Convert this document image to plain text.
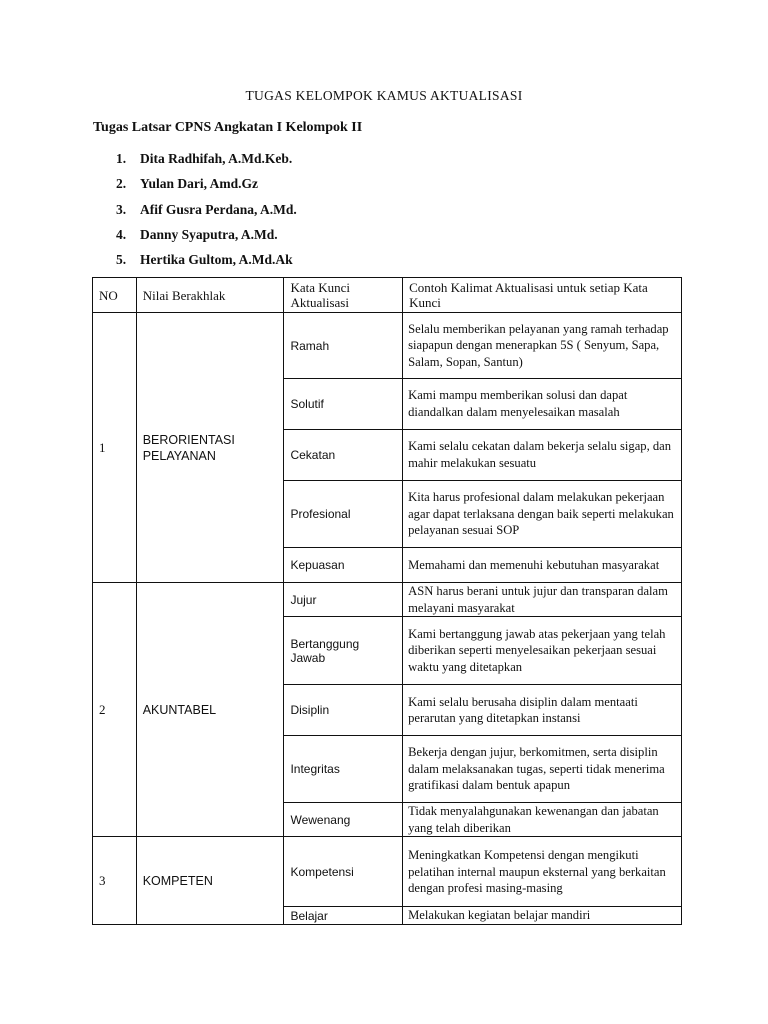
TUGAS KELOMPOK KAMUS AKTUALISASI
Tugas Latsar CPNS Angkatan I Kelompok II
1. Dita Radhifah, A.Md.Keb.
2. Yulan Dari, Amd.Gz
3. Afif Gusra Perdana, A.Md.
4. Danny Syaputra, A.Md.
5. Hertika Gultom, A.Md.Ak
NO	Nilai Berakhlak	Kata Kunci Aktualisasi	Contoh Kalimat Aktualisasi untuk setiap Kata Kunci
1	BERORIENTASI PELAYANAN	Ramah	Selalu memberikan pelayanan yang ramah terhadap siapapun dengan menerapkan 5S ( Senyum, Sapa, Salam, Sopan, Santun)
		Solutif	Kami mampu memberikan solusi dan dapat diandalkan dalam menyelesaikan masalah
		Cekatan	Kami selalu cekatan dalam bekerja selalu sigap, dan mahir melakukan sesuatu
		Profesional	Kita harus profesional dalam melakukan pekerjaan agar dapat terlaksana dengan baik seperti melakukan pelayanan sesuai SOP
		Kepuasan	Memahami dan memenuhi kebutuhan masyarakat
2	AKUNTABEL	Jujur	ASN harus berani untuk jujur dan transparan dalam melayani masyarakat
		Bertanggung Jawab	Kami bertanggung jawab atas pekerjaan yang telah diberikan seperti menyelesaikan pekerjaan sesuai waktu yang ditetapkan
		Disiplin	Kami selalu berusaha disiplin dalam mentaati perarutan yang ditetapkan instansi
		Integritas	Bekerja dengan jujur, berkomitmen, serta disiplin dalam melaksanakan tugas, seperti tidak menerima gratifikasi dalam bentuk apapun
		Wewenang	Tidak menyalahgunakan kewenangan dan jabatan yang telah diberikan
3	KOMPETEN	Kompetensi	Meningkatkan Kompetensi dengan mengikuti pelatihan internal maupun eksternal yang berkaitan dengan profesi masing-masing
		Belajar	Melakukan kegiatan belajar mandiri
